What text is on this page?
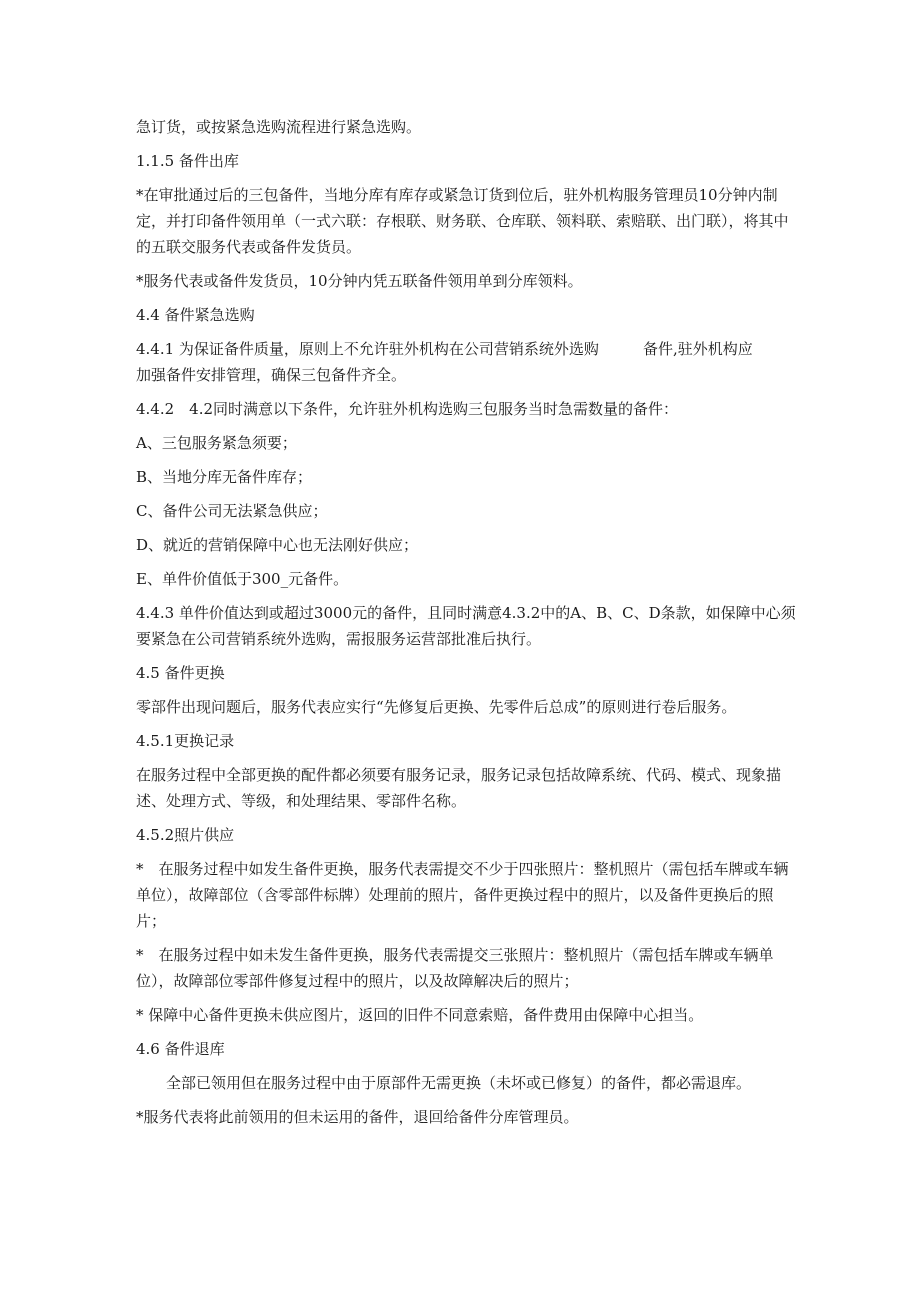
急订货，或按紧急选购流程进行紧急选购。

1.1.5 备件出库

*在审批通过后的三包备件，当地分库有库存或紧急订货到位后，驻外机构服务管理员10分钟内制定，并打印备件领用单（一式六联：存根联、财务联、仓库联、领料联、索赔联、出门联），将其中的五联交服务代表或备件发货员。

*服务代表或备件发货员，10分钟内凭五联备件领用单到分库领料。

4.4 备件紧急选购

4.4.1 为保证备件质量，原则上不允许驻外机构在公司营销系统外选购	备件,驻外机构应

加强备件安排管理，确保三包备件齐全。

4.4.2　4.2同时满意以下条件，允许驻外机构选购三包服务当时急需数量的备件：

A、三包服务紧急须要；

B、当地分库无备件库存；

C、备件公司无法紧急供应；

D、就近的营销保障中心也无法刚好供应；

E、单件价值低于300_元备件。

4.4.3 单件价值达到或超过3000元的备件，且同时满意4.3.2中的A、B、C、D条款，如保障中心须要紧急在公司营销系统外选购，需报服务运营部批准后执行。

4.5 备件更换

零部件出现问题后，服务代表应实行“先修复后更换、先零件后总成”的原则进行卷后服务。

4.5.1更换记录

在服务过程中全部更换的配件都必须要有服务记录，服务记录包括故障系统、代码、模式、现象描述、处理方式、等级，和处理结果、零部件名称。

4.5.2照片供应

*　在服务过程中如发生备件更换，服务代表需提交不少于四张照片：整机照片（需包括车牌或车辆单位），故障部位（含零部件标牌）处理前的照片，备件更换过程中的照片，以及备件更换后的照片；

*　在服务过程中如未发生备件更换，服务代表需提交三张照片：整机照片（需包括车牌或车辆单位），故障部位零部件修复过程中的照片，以及故障解决后的照片；

* 保障中心备件更换未供应图片，返回的旧件不同意索赔，备件费用由保障中心担当。

4.6 备件退库

全部已领用但在服务过程中由于原部件无需更换（未坏或已修复）的备件，都必需退库。

*服务代表将此前领用的但未运用的备件，退回给备件分库管理员。
